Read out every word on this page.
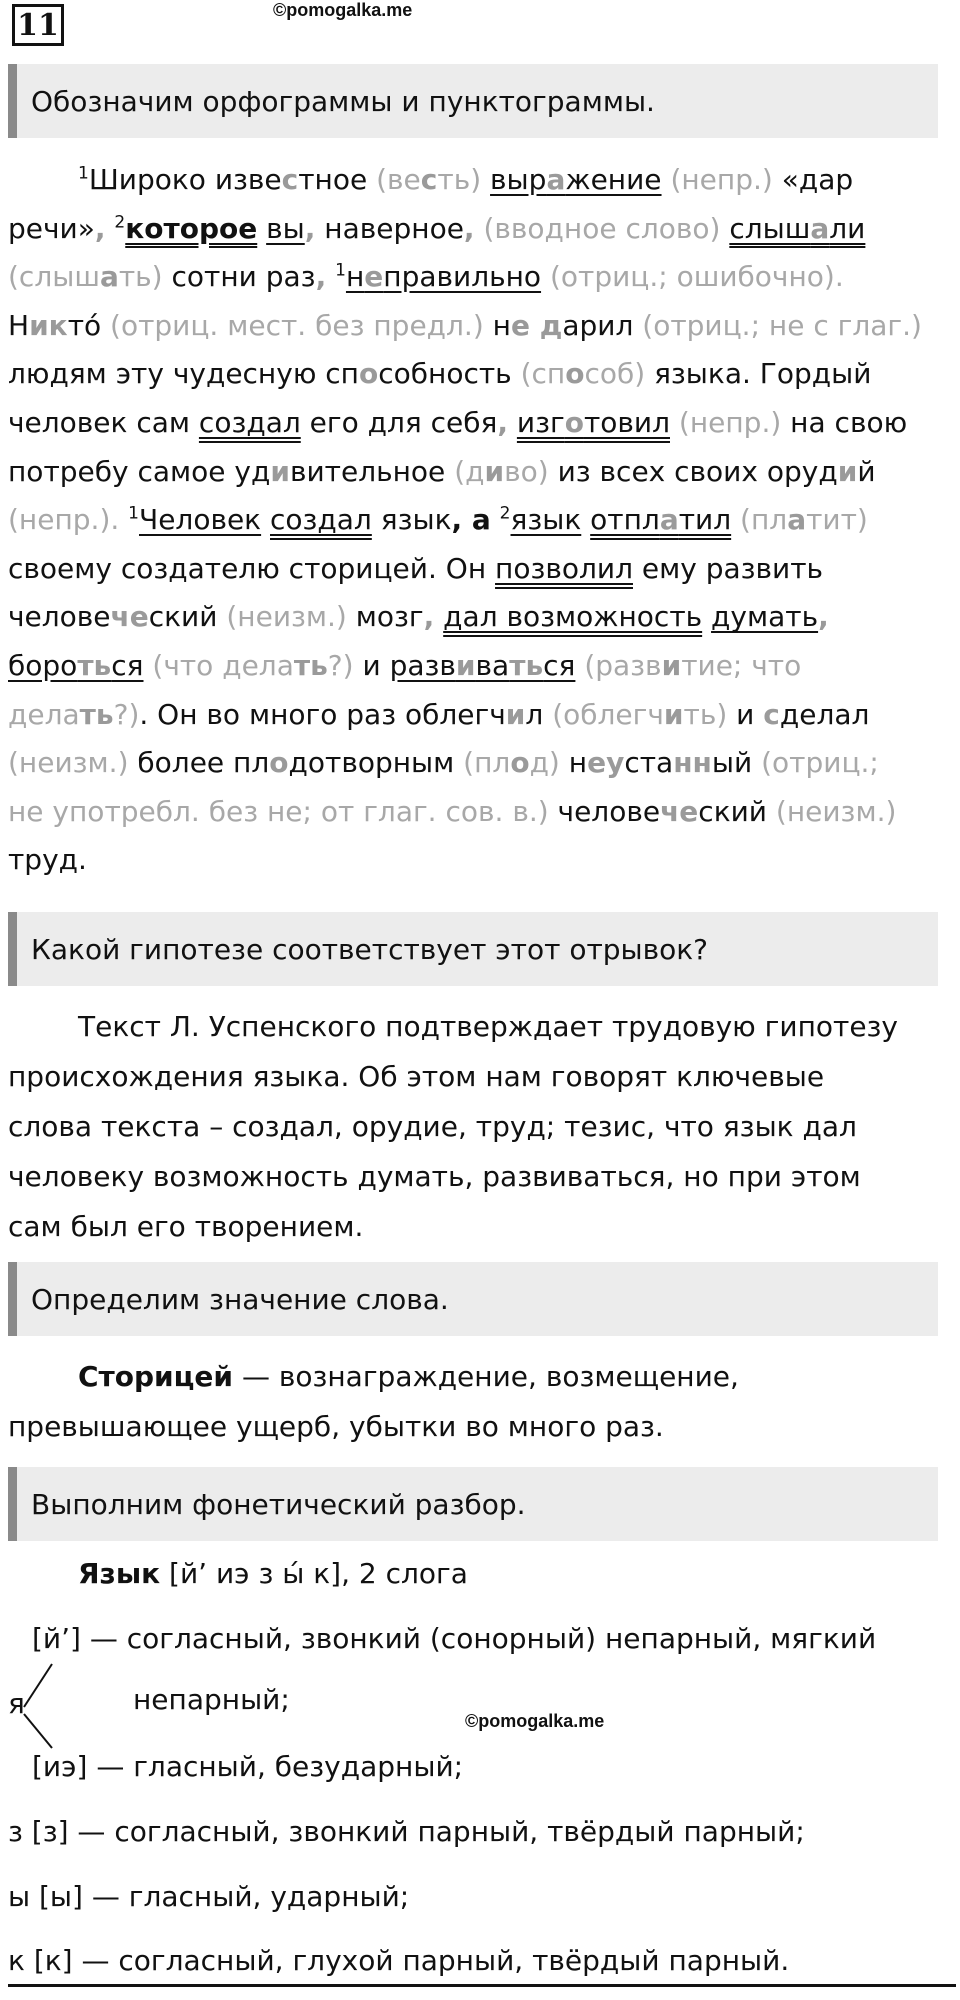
11	©pomogalka.me
Обозначим орфограммы и пунктограммы.
$^1$Широко известное (весть) выражение (непр.) «дар
речи», $^2$которое вы, наверное, (вводное слово) слышали
(слышать) сотни раз, $^1$неправильно (отриц.; ошибочно).
Никтó (отриц. мест. без предл.) не дарил (отриц.; не с глаг.)
людям эту чудесную способность (способ) языка. Гордый
человек сам создал его для себя, изготовил (непр.) на свою
потребу самое удивительное (диво) из всех своих орудий
(непр.). $^1$Человек создал язык, а $^2$язык отплатил (платит)
своему создателю сторицей. Он позволил ему развить
человеческий (неизм.) мозг, дал возможность думать,
бороться (что делать?) и развиваться (развитие; что
делать?). Он во много раз облегчил (облегчить) и сделал
(неизм.) более плодотворным (плод) неустанный (отриц.;
не употребл. без не; от глаг. сов. в.) человеческий (неизм.)
труд.
Какой гипотезе соответствует этот отрывок?
Текст Л. Успенского подтверждает трудовую гипотезу
происхождения языка. Об этом нам говорят ключевые
слова текста – создал, орудие, труд; тезис, что язык дал
человеку возможность думать, развиваться, но при этом
сам был его творением.
Определим значение слова.
Сторицей — вознаграждение, возмещение,
превышающее ущерб, убытки во много раз.
Выполним фонетический разбор.
Язык [й’ иэ з ы́ к], 2 слога
[й’] — согласный, звонкий (сонорный) непарный, мягкий
непарный;
я
©pomogalka.me
[иэ] — гласный, безударный;
з [з] — согласный, звонкий парный, твёрдый парный;
ы [ы] — гласный, ударный;
к [к] — согласный, глухой парный, твёрдый парный.
